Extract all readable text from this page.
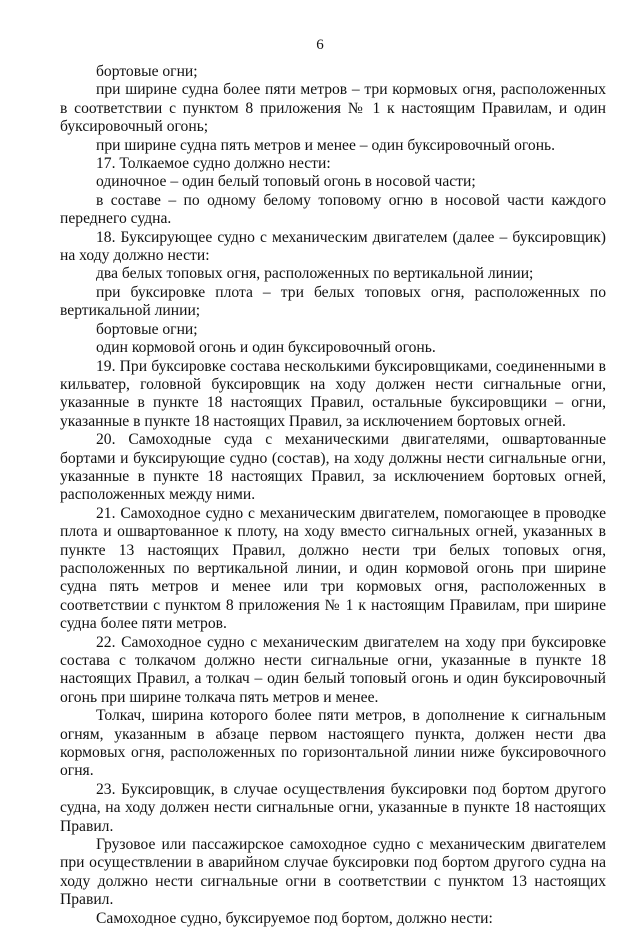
6

бортовые огни;

при ширине судна более пяти метров – три кормовых огня, расположенных в соответствии с пунктом 8 приложения № 1 к настоящим Правилам, и один буксировочный огонь;

при ширине судна пять метров и менее – один буксировочный огонь.

17. Толкаемое судно должно нести:

одиночное – один белый топовый огонь в носовой части;

в составе – по одному белому топовому огню в носовой части каждого переднего судна.

18. Буксирующее судно с механическим двигателем (далее – буксировщик) на ходу должно нести:

два белых топовых огня, расположенных по вертикальной линии;

при буксировке плота – три белых топовых огня, расположенных по вертикальной линии;

бортовые огни;

один кормовой огонь и один буксировочный огонь.

19. При буксировке состава несколькими буксировщиками, соединенными в кильватер, головной буксировщик на ходу должен нести сигнальные огни, указанные в пункте 18 настоящих Правил, остальные буксировщики – огни, указанные в пункте 18 настоящих Правил, за исключением бортовых огней.

20. Самоходные суда с механическими двигателями, ошвартованные бортами и буксирующие судно (состав), на ходу должны нести сигнальные огни, указанные в пункте 18 настоящих Правил, за исключением бортовых огней, расположенных между ними.

21. Самоходное судно с механическим двигателем, помогающее в проводке плота и ошвартованное к плоту, на ходу вместо сигнальных огней, указанных в пункте 13 настоящих Правил, должно нести три белых топовых огня, расположенных по вертикальной линии, и один кормовой огонь при ширине судна пять метров и менее или три кормовых огня, расположенных в соответствии с пунктом 8 приложения № 1 к настоящим Правилам, при ширине судна более пяти метров.

22. Самоходное судно с механическим двигателем на ходу при буксировке состава с толкачом должно нести сигнальные огни, указанные в пункте 18 настоящих Правил, а толкач – один белый топовый огонь и один буксировочный огонь при ширине толкача пять метров и менее.

Толкач, ширина которого более пяти метров, в дополнение к сигнальным огням, указанным в абзаце первом настоящего пункта, должен нести два кормовых огня, расположенных по горизонтальной линии ниже буксировочного огня.

23. Буксировщик, в случае осуществления буксировки под бортом другого судна, на ходу должен нести сигнальные огни, указанные в пункте 18 настоящих Правил.

Грузовое или пассажирское самоходное судно с механическим двигателем при осуществлении в аварийном случае буксировки под бортом другого судна на ходу должно нести сигнальные огни в соответствии с пунктом 13 настоящих Правил.

Самоходное судно, буксируемое под бортом, должно нести:
